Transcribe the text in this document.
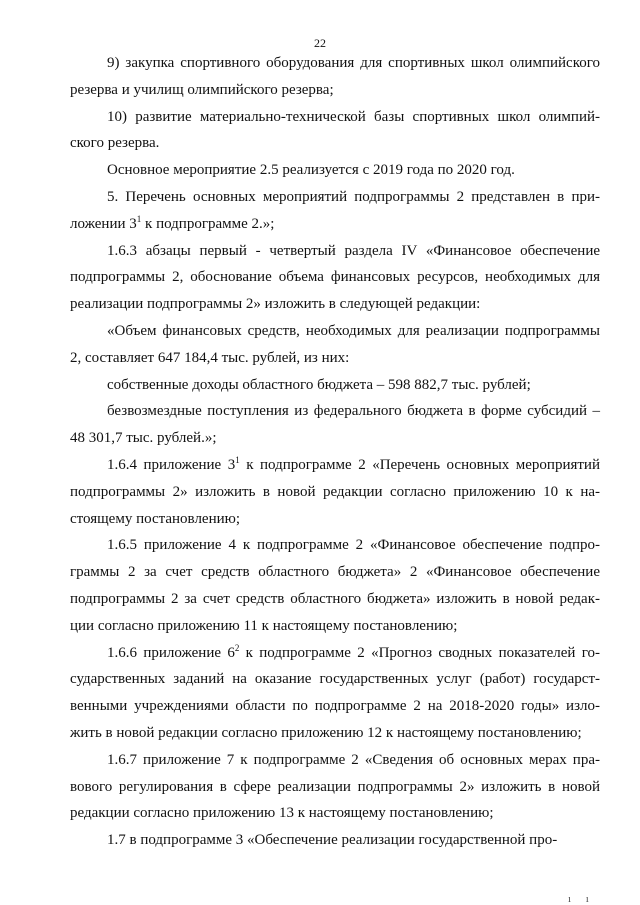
22

9) закупка спортивного оборудования для спортивных школ олимпийского резерва и училищ олимпийского резерва;

10) развитие материально-технической базы спортивных школ олимпий-ского резерва.

Основное мероприятие 2.5 реализуется с 2019 года по 2020 год.

5. Перечень основных мероприятий подпрограммы 2 представлен в при-ложении $3^1$ к подпрограмме 2.»;

1.6.3 абзацы первый - четвертый раздела IV «Финансовое обеспечение подпрограммы 2, обоснование объема финансовых ресурсов, необходимых для реализации подпрограммы 2» изложить в следующей редакции:

«Объем финансовых средств, необходимых для реализации подпрограммы 2, составляет 647 184,4 тыс. рублей, из них:

собственные доходы областного бюджета – 598 882,7 тыс. рублей;

безвозмездные поступления из федерального бюджета в форме субсидий – 48 301,7 тыс. рублей.»;

1.6.4 приложение $3^1$ к подпрограмме 2 «Перечень основных мероприятий подпрограммы 2» изложить в новой редакции согласно приложению 10 к на-стоящему постановлению;

1.6.5 приложение 4 к подпрограмме 2 «Финансовое обеспечение подпро-граммы 2 за счет средств областного бюджета» 2 «Финансовое обеспечение подпрограммы 2 за счет средств областного бюджета» изложить в новой редак-ции согласно приложению 11 к настоящему постановлению;

1.6.6 приложение $6^2$ к подпрограмме 2 «Прогноз сводных показателей го-сударственных заданий на оказание государственных услуг (работ) государст-венными учреждениями области по подпрограмме 2 на 2018-2020 годы» изло-жить в новой редакции согласно приложению 12 к настоящему постановлению;

1.6.7 приложение 7 к подпрограмме 2 «Сведения об основных мерах пра-вового регулирования в сфере реализации подпрограммы 2» изложить в новой редакции согласно приложению 13 к настоящему постановлению;

1.7 в подпрограмме 3 «Обеспечение реализации государственной про-

ı ı
